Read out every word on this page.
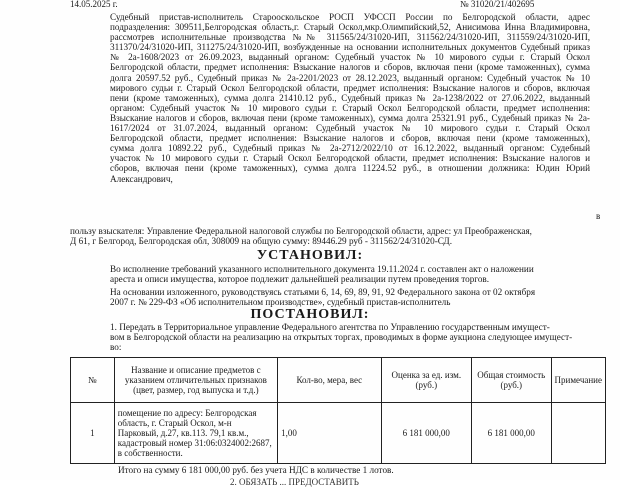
14.05.2025 г.	№ 31020/21/402695
Судебный пристав-исполнитель Старооскольское РОСП УФССП России по Белгородской области, адрес
подразделения: 309511,Белгородская область,г. Старый Оскол,мкр.Олимпийский,52, Анисимова Инна Владимировна,
рассмотрев исполнительные производства №№ 311565/24/31020-ИП, 311562/24/31020-ИП, 311559/24/31020-ИП,
311370/24/31020-ИП, 311275/24/31020-ИП, возбужденные на основании исполнительных документов Судебный приказ
№ 2а-1608/2023 от 26.09.2023, выданный органом: Судебный участок № 10 мирового судьи г. Старый Оскол
Белгородской области, предмет исполнения: Взыскание налогов и сборов, включая пени (кроме таможенных), сумма
долга 20597.52 руб., Судебный приказ № 2а-2201/2023 от 28.12.2023, выданный органом: Судебный участок № 10
мирового судьи г. Старый Оскол Белгородской области, предмет исполнения: Взыскание налогов и сборов, включая
пени (кроме таможенных), сумма долга 21410.12 руб., Судебный приказ № 2а-1238/2022 от 27.06.2022, выданный
органом: Судебный участок № 10 мирового судьи г. Старый Оскол Белгородской области, предмет исполнения:
Взыскание налогов и сборов, включая пени (кроме таможенных), сумма долга 25321.91 руб., Судебный приказ № 2а-
1617/2024 от 31.07.2024, выданный органом: Судебный участок № 10 мирового судьи г. Старый Оскол
Белгородской области, предмет исполнения: Взыскание налогов и сборов, включая пени (кроме таможенных),
сумма долга 10892.22 руб., Судебный приказ № 2а-2712/2022/10 от 16.12.2022, выданный органом: Судебный
участок № 10 мирового судьи г. Старый Оскол Белгородской области, предмет исполнения: Взыскание налогов и
сборов, включая пени (кроме таможенных), сумма долга 11224.52 руб., в отношении должника: Юдин Юрий
Александрович,
в
пользу взыскателя: Управление Федеральной налоговой службы по Белгородской области, адрес: ул Преображенская,
Д 61, г Белгород, Белгородская обл, 308009 на общую сумму: 89446.29 руб - 311562/24/31020-СД.
УСТАНОВИЛ:
Во исполнение требований указанного исполнительного документа 19.11.2024 г. составлен акт о наложении
ареста и описи имущества, которое подлежит дальнейшей реализации путем проведения торгов.
На основании изложенного, руководствуясь статьями 6, 14, 69, 89, 91, 92 Федерального закона от 02 октября
2007 г. № 229-ФЗ «Об исполнительном производстве», судебный пристав-исполнитель
ПОСТАНОВИЛ:
1. Передать в Территориальное управление Федерального агентства по Управлению государственным имущест-
вом в Белгородской области на реализацию на открытых торгах, проводимых в форме аукциона следующее имущест-
во:
№	Название и описание предметов с указанием отличительных признаков (цвет, размер, год выпуска и т.д.)	Кол-во, мера, вес	Оценка за ед. изм. (руб.)	Общая стоимость (руб.)	Примечание
1	помещение по адресу: Белгородская область, г. Старый Оскол, м-н Парковый, д.27, кв.113. 79,1 кв.м., кадастровый номер 31:06:0324002:2687, в собственности.	1,00	6 181 000,00	6 181 000,00	
Итого на сумму 6 181 000,00 руб. без учета НДС в количестве 1 лотов.
2. ОБЯЗАТЬ ... ПРЕДОСТАВИТЬ
